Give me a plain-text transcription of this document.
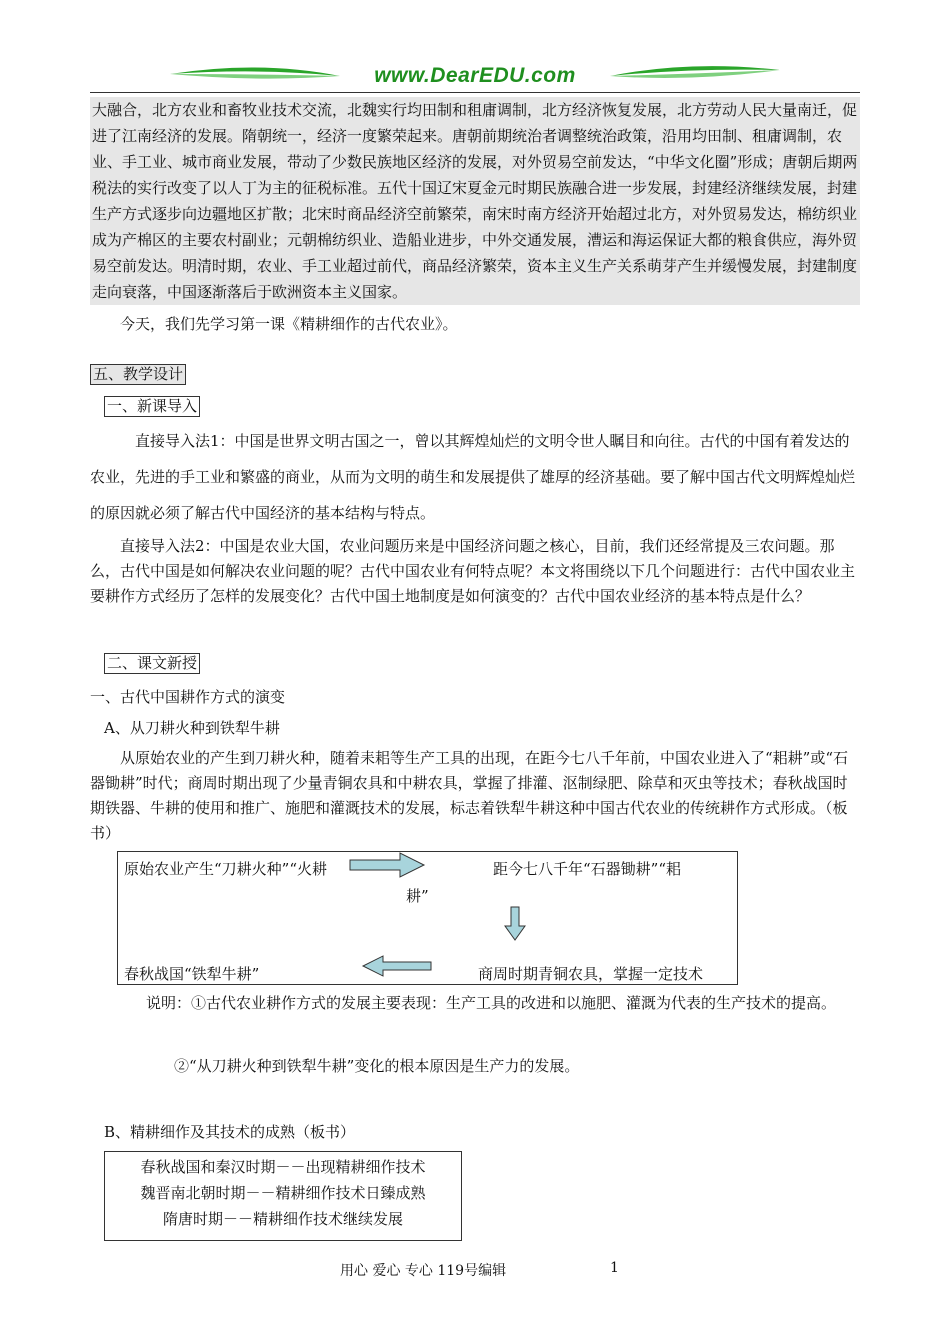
www.DearEDU.com
大融合，北方农业和畜牧业技术交流，北魏实行均田制和租庸调制，北方经济恢复发展，北方劳动人民大量南迁，促进了江南经济的发展。隋朝统一，经济一度繁荣起来。唐朝前期统治者调整统治政策，沿用均田制、租庸调制，农业、手工业、城市商业发展，带动了少数民族地区经济的发展，对外贸易空前发达，“中华文化圈”形成；唐朝后期两税法的实行改变了以人丁为主的征税标准。五代十国辽宋夏金元时期民族融合进一步发展，封建经济继续发展，封建生产方式逐步向边疆地区扩散；北宋时商品经济空前繁荣，南宋时南方经济开始超过北方，对外贸易发达，棉纺织业成为产棉区的主要农村副业；元朝棉纺织业、造船业进步，中外交通发展，漕运和海运保证大都的粮食供应，海外贸易空前发达。明清时期，农业、手工业超过前代，商品经济繁荣，资本主义生产关系萌芽产生并缓慢发展，封建制度走向衰落，中国逐渐落后于欧洲资本主义国家。
今天，我们先学习第一课《精耕细作的古代农业》。
五、教学设计
一、新课导入
直接导入法1：中国是世界文明古国之一，曾以其辉煌灿烂的文明令世人瞩目和向往。古代的中国有着发达的农业，先进的手工业和繁盛的商业，从而为文明的萌生和发展提供了雄厚的经济基础。要了解中国古代文明辉煌灿烂的原因就必须了解古代中国经济的基本结构与特点。
直接导入法2：中国是农业大国，农业问题历来是中国经济问题之核心，目前，我们还经常提及三农问题。那么，古代中国是如何解决农业问题的呢？古代中国农业有何特点呢？本文将围绕以下几个问题进行：古代中国农业主要耕作方式经历了怎样的发展变化？古代中国土地制度是如何演变的？古代中国农业经济的基本特点是什么？
二、课文新授
一、古代中国耕作方式的演变
A、从刀耕火种到铁犁牛耕
从原始农业的产生到刀耕火种，随着耒耜等生产工具的出现，在距今七八千年前，中国农业进入了“耜耕”或“石器锄耕”时代；商周时期出现了少量青铜农具和中耕农具，掌握了排灌、沤制绿肥、除草和灭虫等技术；春秋战国时期铁器、牛耕的使用和推广、施肥和灌溉技术的发展，标志着铁犁牛耕这种中国古代农业的传统耕作方式形成。（板书）
原始农业产生“刀耕火种”“火耕	距今七八千年“石器锄耕”“耜
耕”
春秋战国“铁犁牛耕”	商周时期青铜农具，掌握一定技术
说明：①古代农业耕作方式的发展主要表现：生产工具的改进和以施肥、灌溉为代表的生产技术的提高。
②“从刀耕火种到铁犁牛耕”变化的根本原因是生产力的发展。
B、精耕细作及其技术的成熟（板书）
春秋战国和秦汉时期－－出现精耕细作技术
魏晋南北朝时期－－精耕细作技术日臻成熟
隋唐时期－－精耕细作技术继续发展
用心 爱心 专心 119号编辑	1
